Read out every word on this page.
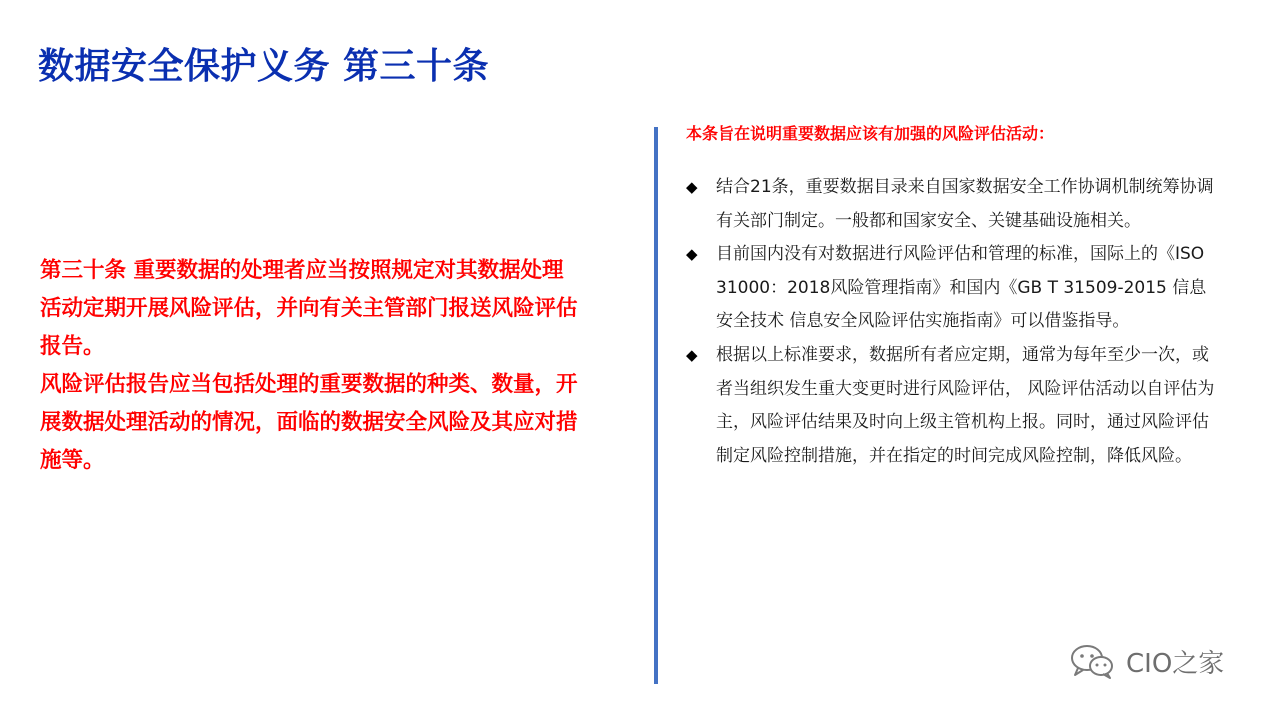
数据安全保护义务 第三十条

第三十条 重要数据的处理者应当按照规定对其数据处理活动定期开展风险评估，并向有关主管部门报送风险评估报告。

风险评估报告应当包括处理的重要数据的种类、数量，开展数据处理活动的情况，面临的数据安全风险及其应对措施等。

本条旨在说明重要数据应该有加强的风险评估活动：
◆	结合21条，重要数据目录来自国家数据安全工作协调机制统筹协调有关部门制定。一般都和国家安全、关键基础设施相关。
◆	目前国内没有对数据进行风险评估和管理的标准，国际上的《ISO 31000：2018风险管理指南》和国内《GB T 31509-2015 信息安全技术 信息安全风险评估实施指南》可以借鉴指导。
◆	根据以上标准要求，数据所有者应定期，通常为每年至少一次，或者当组织发生重大变更时进行风险评估， 风险评估活动以自评估为主，风险评估结果及时向上级主管机构上报。同时，通过风险评估制定风险控制措施，并在指定的时间完成风险控制，降低风险。
CIO之家
